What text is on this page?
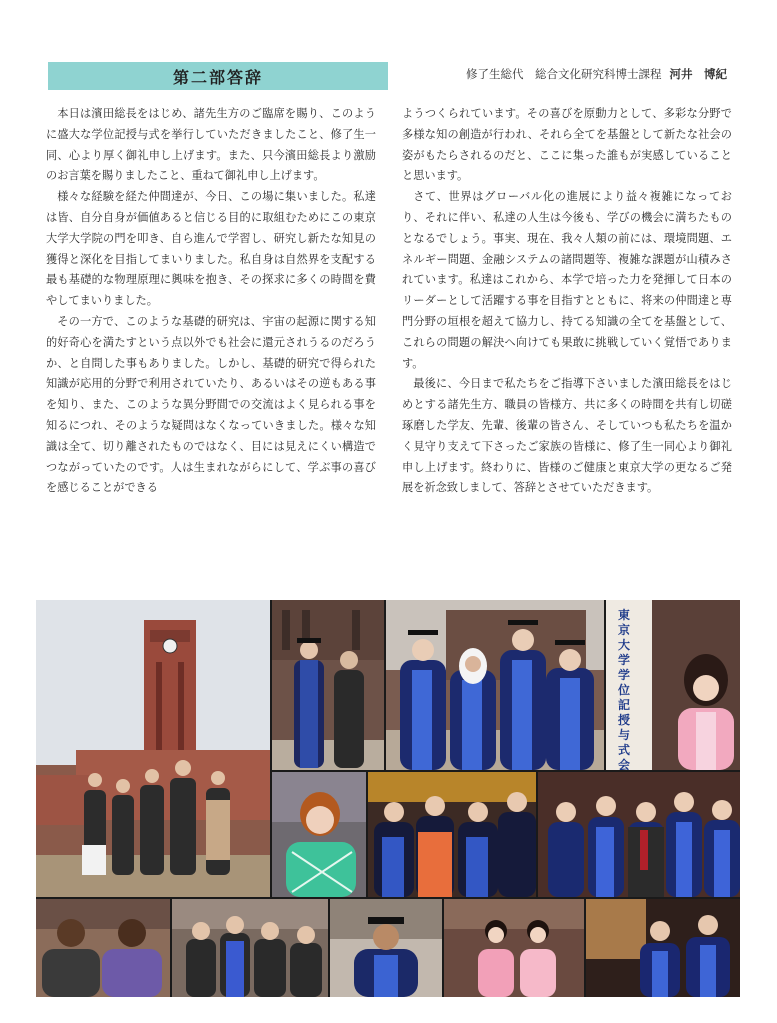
第二部答辞	修了生総代　総合文化研究科博士課程 河井　博紀

本日は濱田総長をはじめ、諸先生方のご臨席を賜り、このように盛大な学位記授与式を挙行していただきましたこと、修了生一同、心より厚く御礼申し上げます。また、只今濱田総長より激励のお言葉を賜りましたこと、重ねて御礼申し上げます。

様々な経験を経た仲間達が、今日、この場に集いました。私達は皆、自分自身が価値あると信じる目的に取組むためにこの東京大学大学院の門を叩き、自ら進んで学習し、研究し新たな知見の獲得と深化を目指してまいりました。私自身は自然界を支配する最も基礎的な物理原理に興味を抱き、その探求に多くの時間を費やしてまいりました。

その一方で、このような基礎的研究は、宇宙の起源に関する知的好奇心を満たすという点以外でも社会に還元されうるのだろうか、と自問した事もありました。しかし、基礎的研究で得られた知識が応用的分野で利用されていたり、あるいはその逆もある事を知り、また、このような異分野間での交流はよく見られる事を知るにつれ、そのような疑問はなくなっていきました。様々な知識は全て、切り離されたものではなく、目には見えにくい構造でつながっていたのです。人は生まれながらにして、学ぶ事の喜びを感じることができる

ようつくられています。その喜びを原動力として、多彩な分野で多様な知の創造が行われ、それら全てを基盤として新たな社会の姿がもたらされるのだと、ここに集った誰もが実感していることと思います。

さて、世界はグローバル化の進展により益々複雑になっており、それに伴い、私達の人生は今後も、学びの機会に満ちたものとなるでしょう。事実、現在、我々人類の前には、環境問題、エネルギー問題、金融システムの諸問題等、複雑な課題が山積みされています。私達はこれから、本学で培った力を発揮して日本のリーダーとして活躍する事を目指すとともに、将来の仲間達と専門分野の垣根を超えて協力し、持てる知識の全てを基盤として、これらの問題の解決へ向けても果敢に挑戦していく覚悟であります。

最後に、今日まで私たちをご指導下さいました濱田総長をはじめとする諸先生方、職員の皆様方、共に多くの時間を共有し切磋琢磨した学友、先輩、後輩の皆さん、そしていつも私たちを温かく見守り支えて下さったご家族の皆様に、修了生一同心より御礼申し上げます。終わりに、皆様のご健康と東京大学の更なるご発展を祈念致しまして、答辞とさせていただきます。

東京大学学位記授与式会
